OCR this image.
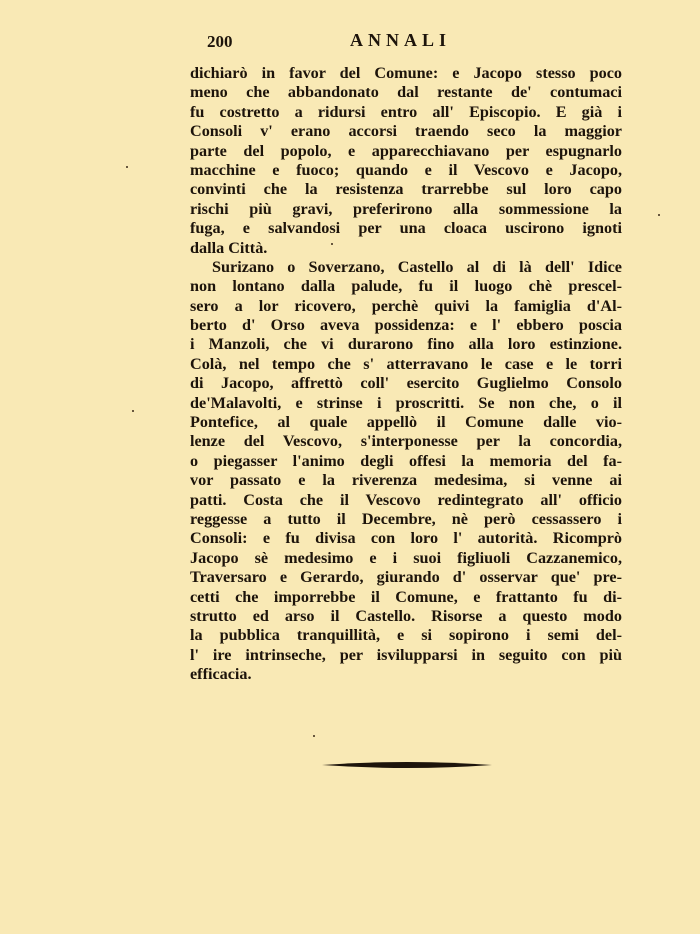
200	ANNALI
dichiarò in favor del Comune: e Jacopo stesso poco
meno che abbandonato dal restante de' contumaci
fu costretto a ridursi entro all' Episcopio. E già i
Consoli v' erano accorsi traendo seco la maggior
parte del popolo, e apparecchiavano per espugnarlo
macchine e fuoco; quando e il Vescovo e Jacopo,
convinti che la resistenza trarrebbe sul loro capo
rischi più gravi, preferirono alla sommessione la
fuga, e salvandosi per una cloaca uscirono ignoti
dalla Città.
Surizano o Soverzano, Castello al di là dell' Idice
non lontano dalla palude, fu il luogo chè prescel-
sero a lor ricovero, perchè quivi la famiglia d'Al-
berto d' Orso aveva possidenza: e l' ebbero poscia
i Manzoli, che vi durarono fino alla loro estinzione.
Colà, nel tempo che s' atterravano le case e le torri
di Jacopo, affrettò coll' esercito Guglielmo Consolo
de'Malavolti, e strinse i proscritti. Se non che, o il
Pontefice, al quale appellò il Comune dalle vio-
lenze del Vescovo, s'interponesse per la concordia,
o piegasser l'animo degli offesi la memoria del fa-
vor passato e la riverenza medesima, si venne ai
patti. Costa che il Vescovo redintegrato all' officio
reggesse a tutto il Decembre, nè però cessassero i
Consoli: e fu divisa con loro l' autorità. Ricomprò
Jacopo sè medesimo e i suoi figliuoli Cazzanemico,
Traversaro e Gerardo, giurando d' osservar que' pre-
cetti che imporrebbe il Comune, e frattanto fu di-
strutto ed arso il Castello. Risorse a questo modo
la pubblica tranquillità, e si sopirono i semi del-
l' ire intrinseche, per isvilupparsi in seguito con più
efficacia.
